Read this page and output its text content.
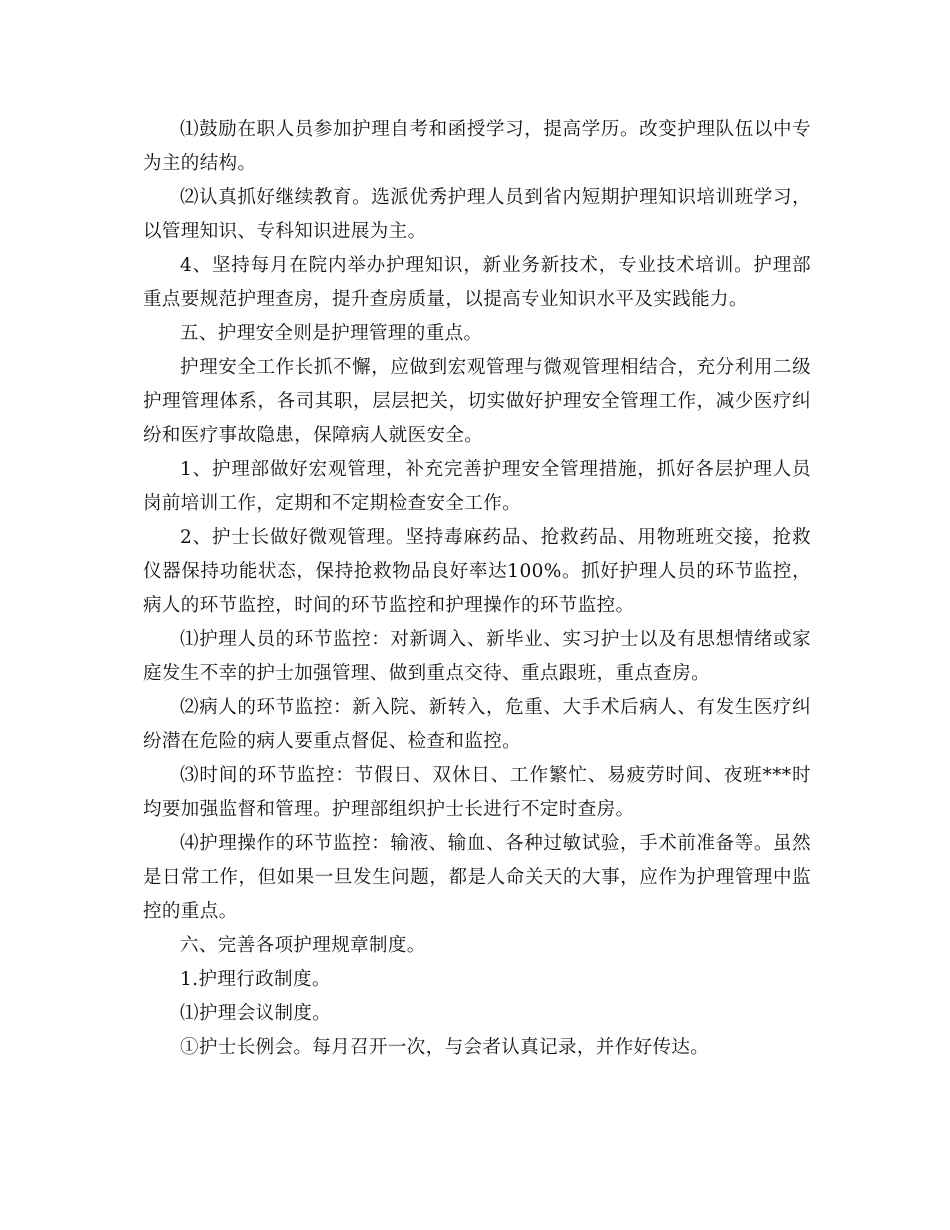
⑴鼓励在职人员参加护理自考和函授学习，提高学历。改变护理队伍以中专为主的结构。

⑵认真抓好继续教育。选派优秀护理人员到省内短期护理知识培训班学习，以管理知识、专科知识进展为主。

4、坚持每月在院内举办护理知识，新业务新技术，专业技术培训。护理部重点要规范护理查房，提升查房质量，以提高专业知识水平及实践能力。

五、护理安全则是护理管理的重点。

护理安全工作长抓不懈，应做到宏观管理与微观管理相结合，充分利用二级护理管理体系，各司其职，层层把关，切实做好护理安全管理工作，减少医疗纠纷和医疗事故隐患，保障病人就医安全。

1、护理部做好宏观管理，补充完善护理安全管理措施，抓好各层护理人员岗前培训工作，定期和不定期检查安全工作。

2、护士长做好微观管理。坚持毒麻药品、抢救药品、用物班班交接，抢救仪器保持功能状态，保持抢救物品良好率达100%。抓好护理人员的环节监控，病人的环节监控，时间的环节监控和护理操作的环节监控。

⑴护理人员的环节监控：对新调入、新毕业、实习护士以及有思想情绪或家庭发生不幸的护士加强管理、做到重点交待、重点跟班，重点查房。

⑵病人的环节监控：新入院、新转入，危重、大手术后病人、有发生医疗纠纷潜在危险的病人要重点督促、检查和监控。

⑶时间的环节监控：节假日、双休日、工作繁忙、易疲劳时间、夜班***时均要加强监督和管理。护理部组织护士长进行不定时查房。

⑷护理操作的环节监控：输液、输血、各种过敏试验，手术前准备等。虽然是日常工作，但如果一旦发生问题，都是人命关天的大事，应作为护理管理中监控的重点。

六、完善各项护理规章制度。

1.护理行政制度。

⑴护理会议制度。

①护士长例会。每月召开一次，与会者认真记录，并作好传达。
